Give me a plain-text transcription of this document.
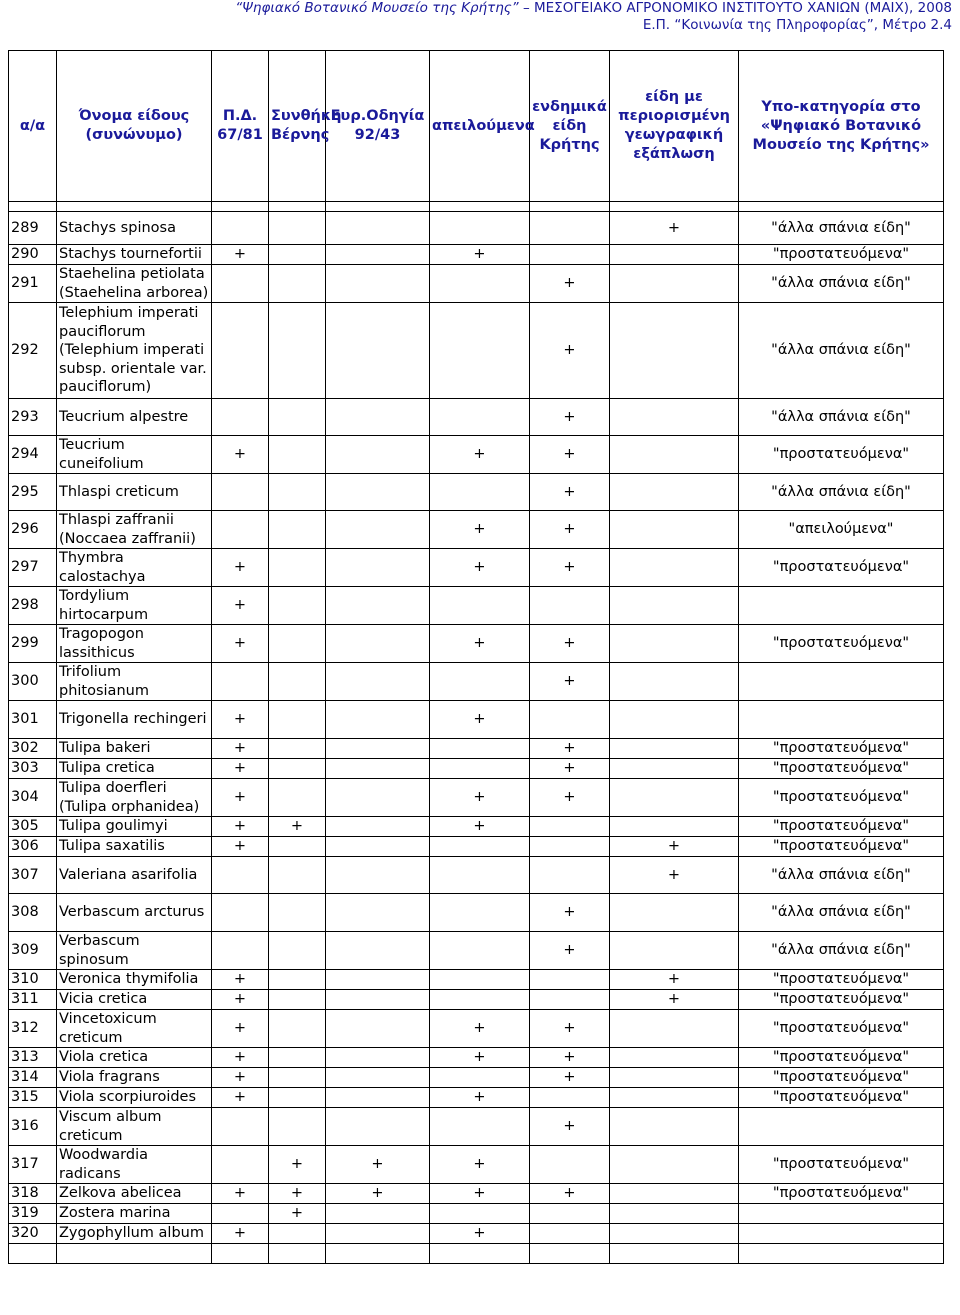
“Ψηφιακό Βοτανικό Μουσείο της Κρήτης” – ΜΕΣΟΓΕΙΑΚΟ ΑΓΡΟΝΟΜΙΚΟ ΙΝΣΤΙΤΟΥΤΟ ΧΑΝΙΩΝ (ΜΑΙΧ), 2008
Ε.Π. “Κοινωνία της Πληροφορίας”, Μέτρο 2.4
α/α	Όνομα είδους (συνώνυμο)	Π.Δ. 67/81	Συνθήκη Βέρνης	Ευρ.Οδηγία 92/43	απειλούμενα	ενδημικά είδη Κρήτης	είδη με περιορισμένη γεωγραφική εξάπλωση	Υπο-κατηγορία στο «Ψηφιακό Βοτανικό Μουσείο της Κρήτης»

289	Stachys spinosa						+	"άλλα σπάνια είδη"
290	Stachys tournefortii	+			+			"προστατευόμενα"
291	Staehelina petiolata (Staehelina arborea)					+		"άλλα σπάνια είδη"
292	Telephium imperati pauciflorum (Telephium imperati subsp. orientale var. pauciflorum)					+		"άλλα σπάνια είδη"
293	Teucrium alpestre					+		"άλλα σπάνια είδη"
294	Teucrium cuneifolium	+			+	+		"προστατευόμενα"
295	Thlaspi creticum					+		"άλλα σπάνια είδη"
296	Thlaspi zaffranii (Noccaea zaffranii)				+	+		"απειλούμενα"
297	Thymbra calostachya	+			+	+		"προστατευόμενα"
298	Tordylium hirtocarpum	+						
299	Tragopogon lassithicus	+			+	+		"προστατευόμενα"
300	Trifolium phitosianum					+		
301	Trigonella rechingeri	+			+			
302	Tulipa bakeri	+				+		"προστατευόμενα"
303	Tulipa cretica	+				+		"προστατευόμενα"
304	Tulipa doerfleri (Tulipa orphanidea)	+			+	+		"προστατευόμενα"
305	Tulipa goulimyi	+	+		+			"προστατευόμενα"
306	Tulipa saxatilis	+					+	"προστατευόμενα"
307	Valeriana asarifolia						+	"άλλα σπάνια είδη"
308	Verbascum arcturus					+		"άλλα σπάνια είδη"
309	Verbascum spinosum					+		"άλλα σπάνια είδη"
310	Veronica thymifolia	+					+	"προστατευόμενα"
311	Vicia cretica	+					+	"προστατευόμενα"
312	Vincetoxicum creticum	+			+	+		"προστατευόμενα"
313	Viola cretica	+			+	+		"προστατευόμενα"
314	Viola fragrans	+				+		"προστατευόμενα"
315	Viola scorpiuroides	+			+			"προστατευόμενα"
316	Viscum album creticum					+		
317	Woodwardia radicans		+	+	+			"προστατευόμενα"
318	Zelkova abelicea	+	+	+	+	+		"προστατευόμενα"
319	Zostera marina		+					
320	Zygophyllum album	+			+			
